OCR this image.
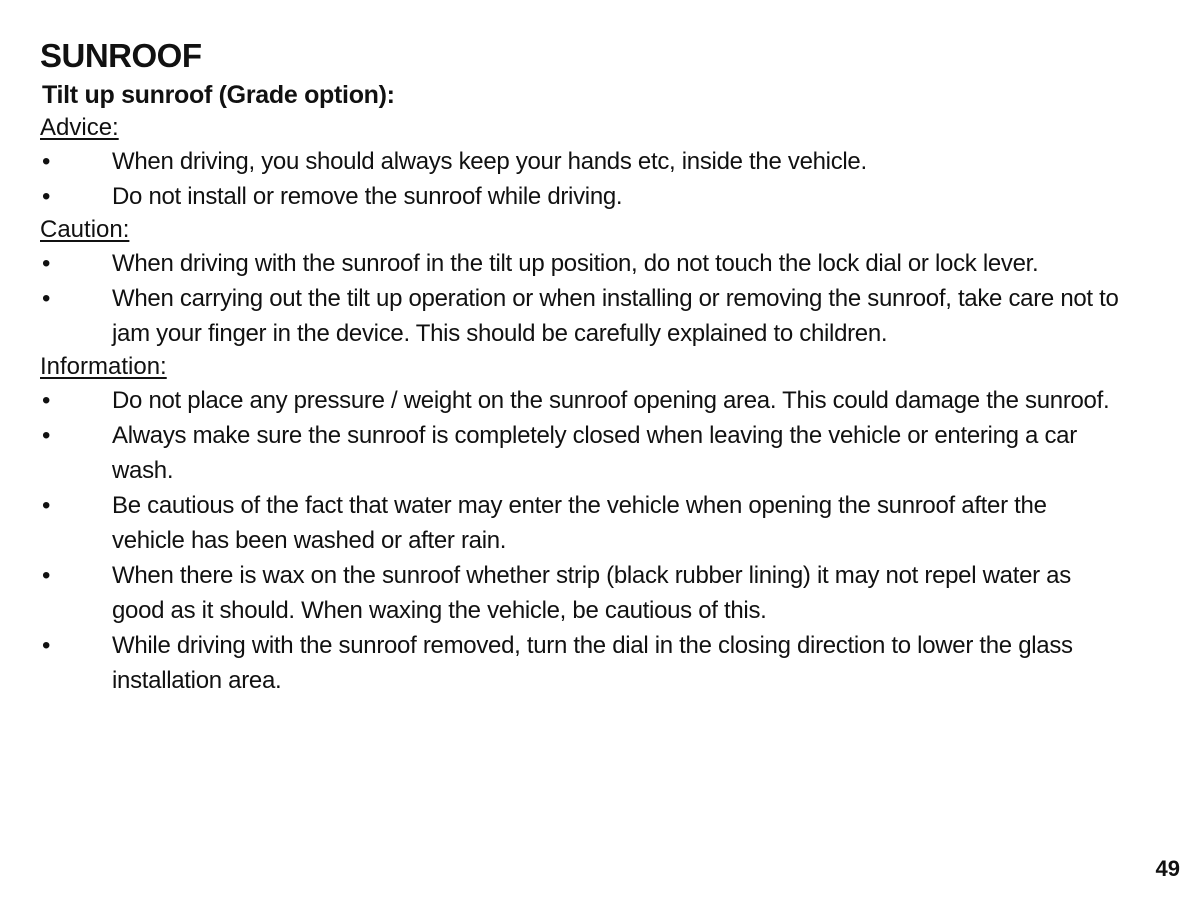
SUNROOF
Tilt up sunroof (Grade option):
Advice:
•	When driving, you should always keep your hands etc, inside the vehicle.
•	Do not install or remove the sunroof while driving.
Caution:
•	When driving with the sunroof in the tilt up position, do not touch the lock dial or lock lever.
•	When carrying out the tilt up operation or when installing or removing the sunroof, take care not to jam your finger in the device. This should be carefully explained to children.
Information:
•	Do not place any pressure / weight on the sunroof opening area. This could damage the sunroof.
•	Always make sure the sunroof is completely closed when leaving the vehicle or entering a car wash.
•	Be cautious of the fact that water may enter the vehicle when opening the sunroof after the vehicle has been washed or after rain.
•	When there is wax on the sunroof whether strip (black rubber lining) it may not repel water as good as it should. When waxing the vehicle, be cautious of this.
•	While driving with the sunroof removed, turn the dial in the closing direction to lower the glass installation area.
49
